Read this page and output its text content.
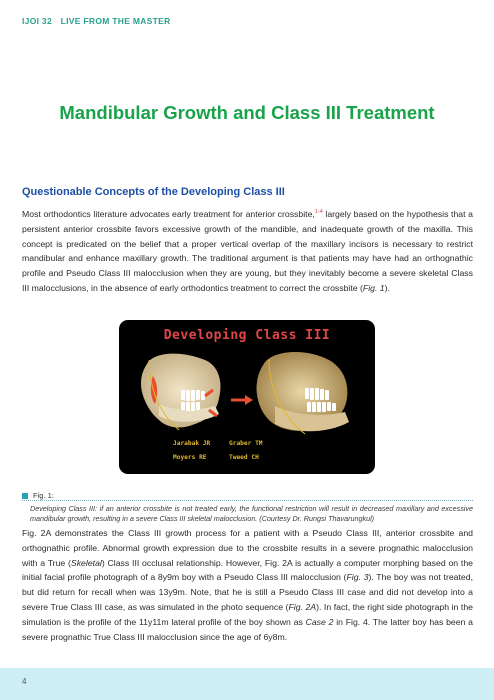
IJOI 32 LIVE FROM THE MASTER
Mandibular Growth and Class III Treatment
Questionable Concepts of the Developing Class III

Most orthodontics literature advocates early treatment for anterior crossbite,$^{1-4}$ largely based on the hypothesis that a persistent anterior crossbite favors excessive growth of the mandible, and inadequate growth of the maxilla. This concept is predicated on the belief that a proper vertical overlap of the maxillary incisors is necessary to restrict mandibular and enhance maxillary growth. The traditional argument is that patients may have had an orthognathic profile and Pseudo Class III malocclusion when they are young, but they inevitably become a severe skeletal Class III malocclusions, in the absence of early orthodontics treatment to correct the crossbite (Fig. 1).

Developing Class III
Jarabak JR	Graber TM
Moyers RE	Tweed CH
Fig. 1:

Developing Class III: if an anterior crossbite is not treated early, the functional restriction will result in decreased maxillary and excessive mandibular growth, resulting in a severe Class III skeletal malocclusion. (Courtesy Dr. Rungsi Thavarungkul)

Fig. 2A demonstrates the Class III growth process for a patient with a Pseudo Class III, anterior crossbite and orthognathic profile. Abnormal growth expression due to the crossbite results in a severe prognathic malocclusion with a True (Skeletal) Class III occlusal relationship. However, Fig. 2A is actually a computer morphing based on the initial facial profile photograph of a 8y9m boy with a Pseudo Class III malocclusion (Fig. 3). The boy was not treated, but did return for recall when was 13y9m. Note, that he is still a Pseudo Class III case and did not develop into a severe True Class III case, as was simulated in the photo sequence (Fig. 2A). In fact, the right side photograph in the simulation is the profile of the 11y11m lateral profile of the boy shown as Case 2 in Fig. 4. The latter boy has been a severe prognathic True Class III malocclusion since the age of 6y8m.

4
